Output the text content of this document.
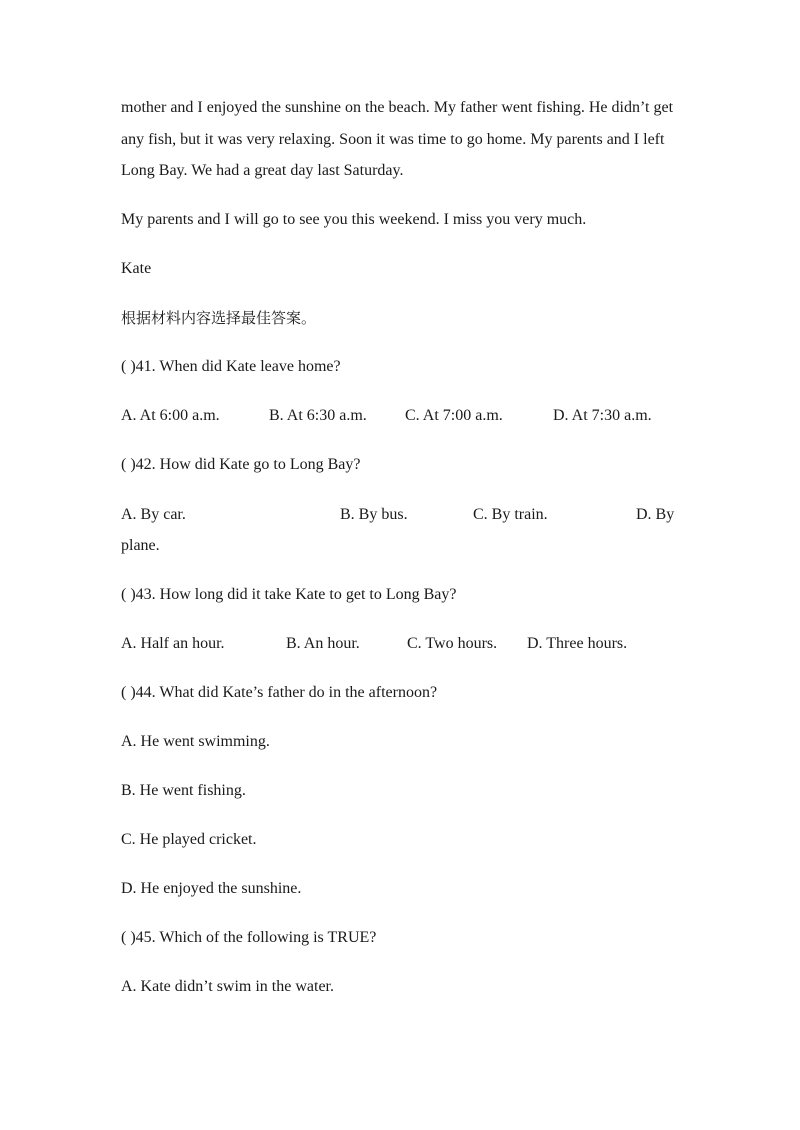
mother and I enjoyed the sunshine on the beach. My father went fishing. He didn’t get
any fish, but it was very relaxing. Soon it was time to go home. My parents and I left
Long Bay. We had a great day last Saturday.
My parents and I will go to see you this weekend. I miss you very much.
Kate
根据材料内容选择最佳答案。
( )41. When did Kate leave home?
A. At 6:00 a.m.	B. At 6:30 a.m. C. At 7:00 a.m.	D. At 7:30 a.m.
( )42. How did Kate go to Long Bay?
A. By car.	B. By bus.	C. By train.	D. By
plane.
( )43. How long did it take Kate to get to Long Bay?
A. Half an hour.	B. An hour.	C. Two hours. D. Three hours.
( )44. What did Kate’s father do in the afternoon?
A. He went swimming.
B. He went fishing.
C. He played cricket.
D. He enjoyed the sunshine.
( )45. Which of the following is TRUE?
A. Kate didn’t swim in the water.
